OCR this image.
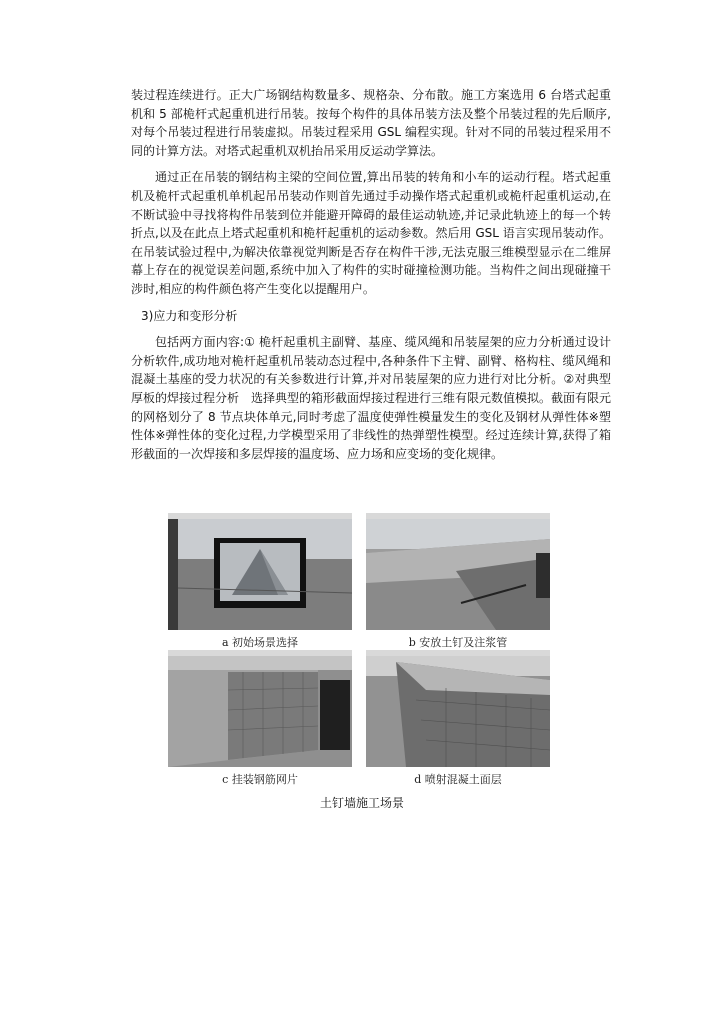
装过程连续进行。正大广场钢结构数量多、规格杂、分布散。施工方案选用 6 台塔式起重机和 5 部桅杆式起重机进行吊装。按每个构件的具体吊装方法及整个吊装过程的先后顺序,对每个吊装过程进行吊装虚拟。吊装过程采用 GSL 编程实现。针对不同的吊装过程采用不同的计算方法。对塔式起重机双机抬吊采用反运动学算法。

通过正在吊装的钢结构主梁的空间位置,算出吊装的转角和小车的运动行程。塔式起重机及桅杆式起重机单机起吊吊装动作则首先通过手动操作塔式起重机或桅杆起重机运动,在不断试验中寻找将构件吊装到位并能避开障碍的最佳运动轨迹,并记录此轨迹上的每一个转折点,以及在此点上塔式起重机和桅杆起重机的运动参数。然后用 GSL 语言实现吊装动作。在吊装试验过程中,为解决依靠视觉判断是否存在构件干涉,无法克服三维模型显示在二维屏幕上存在的视觉误差问题,系统中加入了构件的实时碰撞检测功能。当构件之间出现碰撞干涉时,相应的构件颜色将产生变化以提醒用户。

3)应力和变形分析

包括两方面内容:① 桅杆起重机主副臂、基座、缆风绳和吊装屋架的应力分析通过设计分析软件,成功地对桅杆起重机吊装动态过程中,各种条件下主臂、副臂、格构柱、缆风绳和混凝土基座的受力状况的有关参数进行计算,并对吊装屋架的应力进行对比分析。②对典型厚板的焊接过程分析　选择典型的箱形截面焊接过程进行三维有限元数值模拟。截面有限元的网格划分了 8 节点块体单元,同时考虑了温度使弹性模量发生的变化及钢材从弹性体※塑性体※弹性体的变化过程,力学模型采用了非线性的热弹塑性模型。经过连续计算,获得了箱形截面的一次焊接和多层焊接的温度场、应力场和应变场的变化规律。

a 初始场景选择	b 安放土钉及注浆管
c 挂装钢筋网片	d 喷射混凝土面层
土钉墙施工场景
